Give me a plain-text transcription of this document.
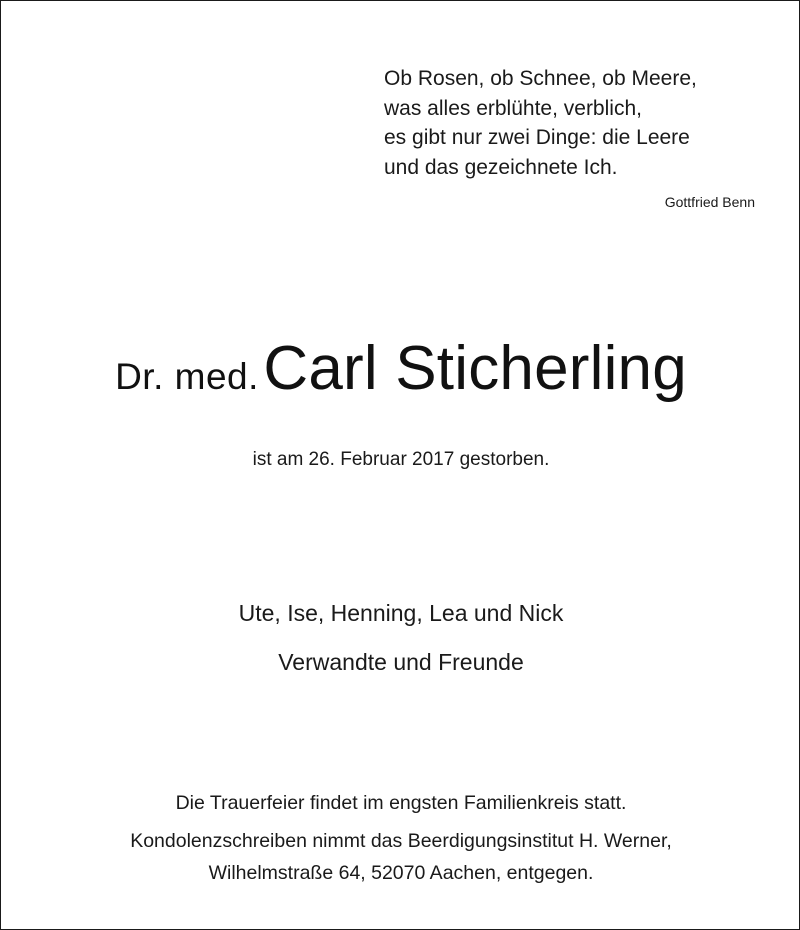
Ob Rosen, ob Schnee, ob Meere,
was alles erblühte, verblich,
es gibt nur zwei Dinge: die Leere
und das gezeichnete Ich.
Gottfried Benn
Dr. med. Carl Sticherling
ist am 26. Februar 2017 gestorben.
Ute, Ise, Henning, Lea und Nick
Verwandte und Freunde
Die Trauerfeier findet im engsten Familienkreis statt.
Kondolenzschreiben nimmt das Beerdigungsinstitut H. Werner,
Wilhelmstraße 64, 52070 Aachen, entgegen.
